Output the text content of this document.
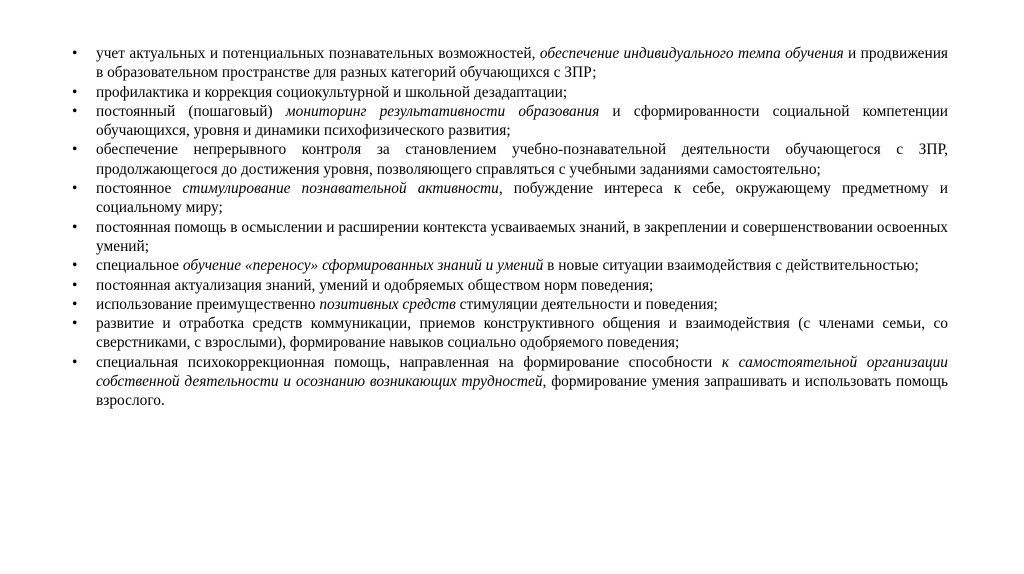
• учет актуальных и потенциальных познавательных возможностей, обеспечение индивидуального темпа обучения и продвижения в образовательном пространстве для разных категорий обучающихся с ЗПР;
• профилактика и коррекция социокультурной и школьной дезадаптации;
• постоянный (пошаговый) мониторинг результативности образования и сформированности социальной компетенции обучающихся, уровня и динамики психофизического развития;
• обеспечение непрерывного контроля за становлением учебно-познавательной деятельности обучающегося с ЗПР, продолжающегося до достижения уровня, позволяющего справляться с учебными заданиями самостоятельно;
• постоянное стимулирование познавательной активности, побуждение интереса к себе, окружающему предметному и социальному миру;
• постоянная помощь в осмыслении и расширении контекста усваиваемых знаний, в закреплении и совершенствовании освоенных умений;
• специальное обучение «переносу» сформированных знаний и умений в новые ситуации взаимодействия с действительностью;
• постоянная актуализация знаний, умений и одобряемых обществом норм поведения;
• использование преимущественно позитивных средств стимуляции деятельности и поведения;
• развитие и отработка средств коммуникации, приемов конструктивного общения и взаимодействия (с членами семьи, со сверстниками, с взрослыми), формирование навыков социально одобряемого поведения;
• специальная психокоррекционная помощь, направленная на формирование способности к самостоятельной организации собственной деятельности и осознанию возникающих трудностей, формирование умения запрашивать и использовать помощь взрослого.
